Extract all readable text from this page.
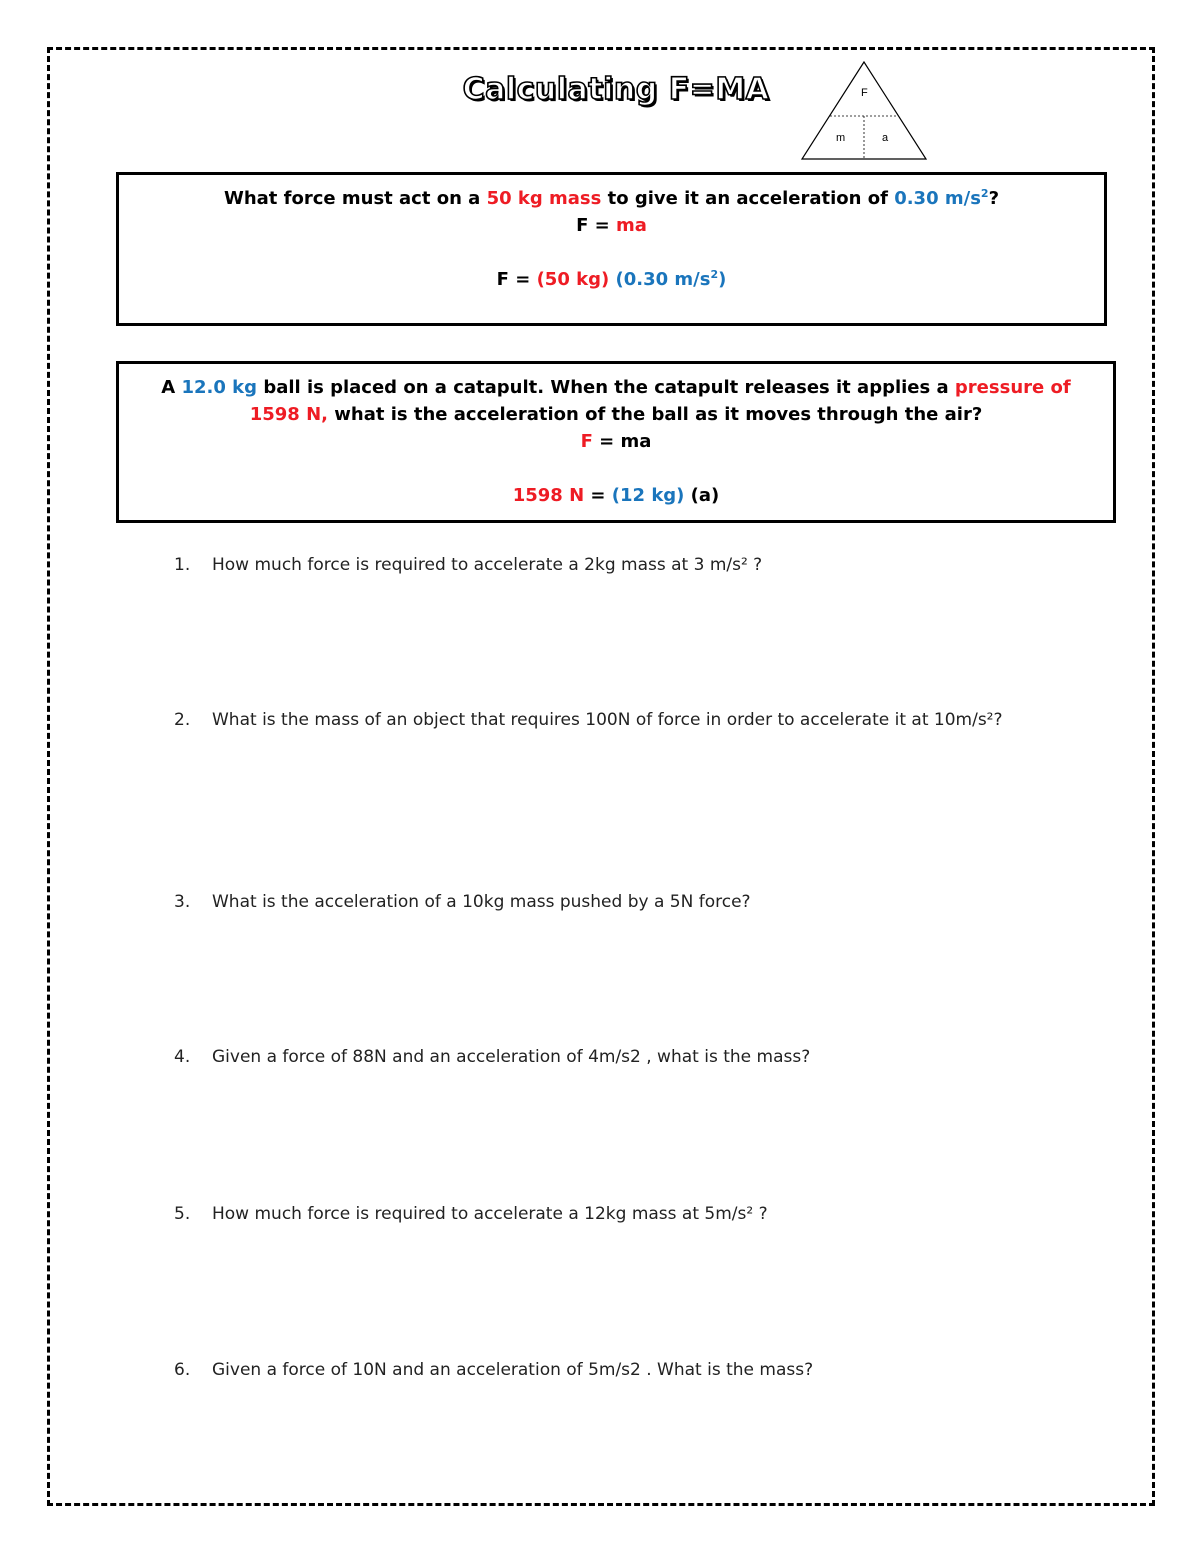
Calculating F=MA	F
m	a
What force must act on a 50 kg mass to give it an acceleration of 0.30 $m/s^2$?
F = ma
F = (50 kg) (0.30 $m/s^2$)
A 12.0 kg ball is placed on a catapult. When the catapult releases it applies a pressure of
1598 N, what is the acceleration of the ball as it moves through the air?
F = ma
1598 N = (12 kg) (a)
1.	How much force is required to accelerate a 2kg mass at 3 m/s² ?
2.	What is the mass of an object that requires 100N of force in order to accelerate it at 10m/s²?
3.	What is the acceleration of a 10kg mass pushed by a 5N force?
4.	Given a force of 88N and an acceleration of 4m/s2 , what is the mass?
5.	How much force is required to accelerate a 12kg mass at 5m/s² ?
6.	Given a force of 10N and an acceleration of 5m/s2 . What is the mass?
